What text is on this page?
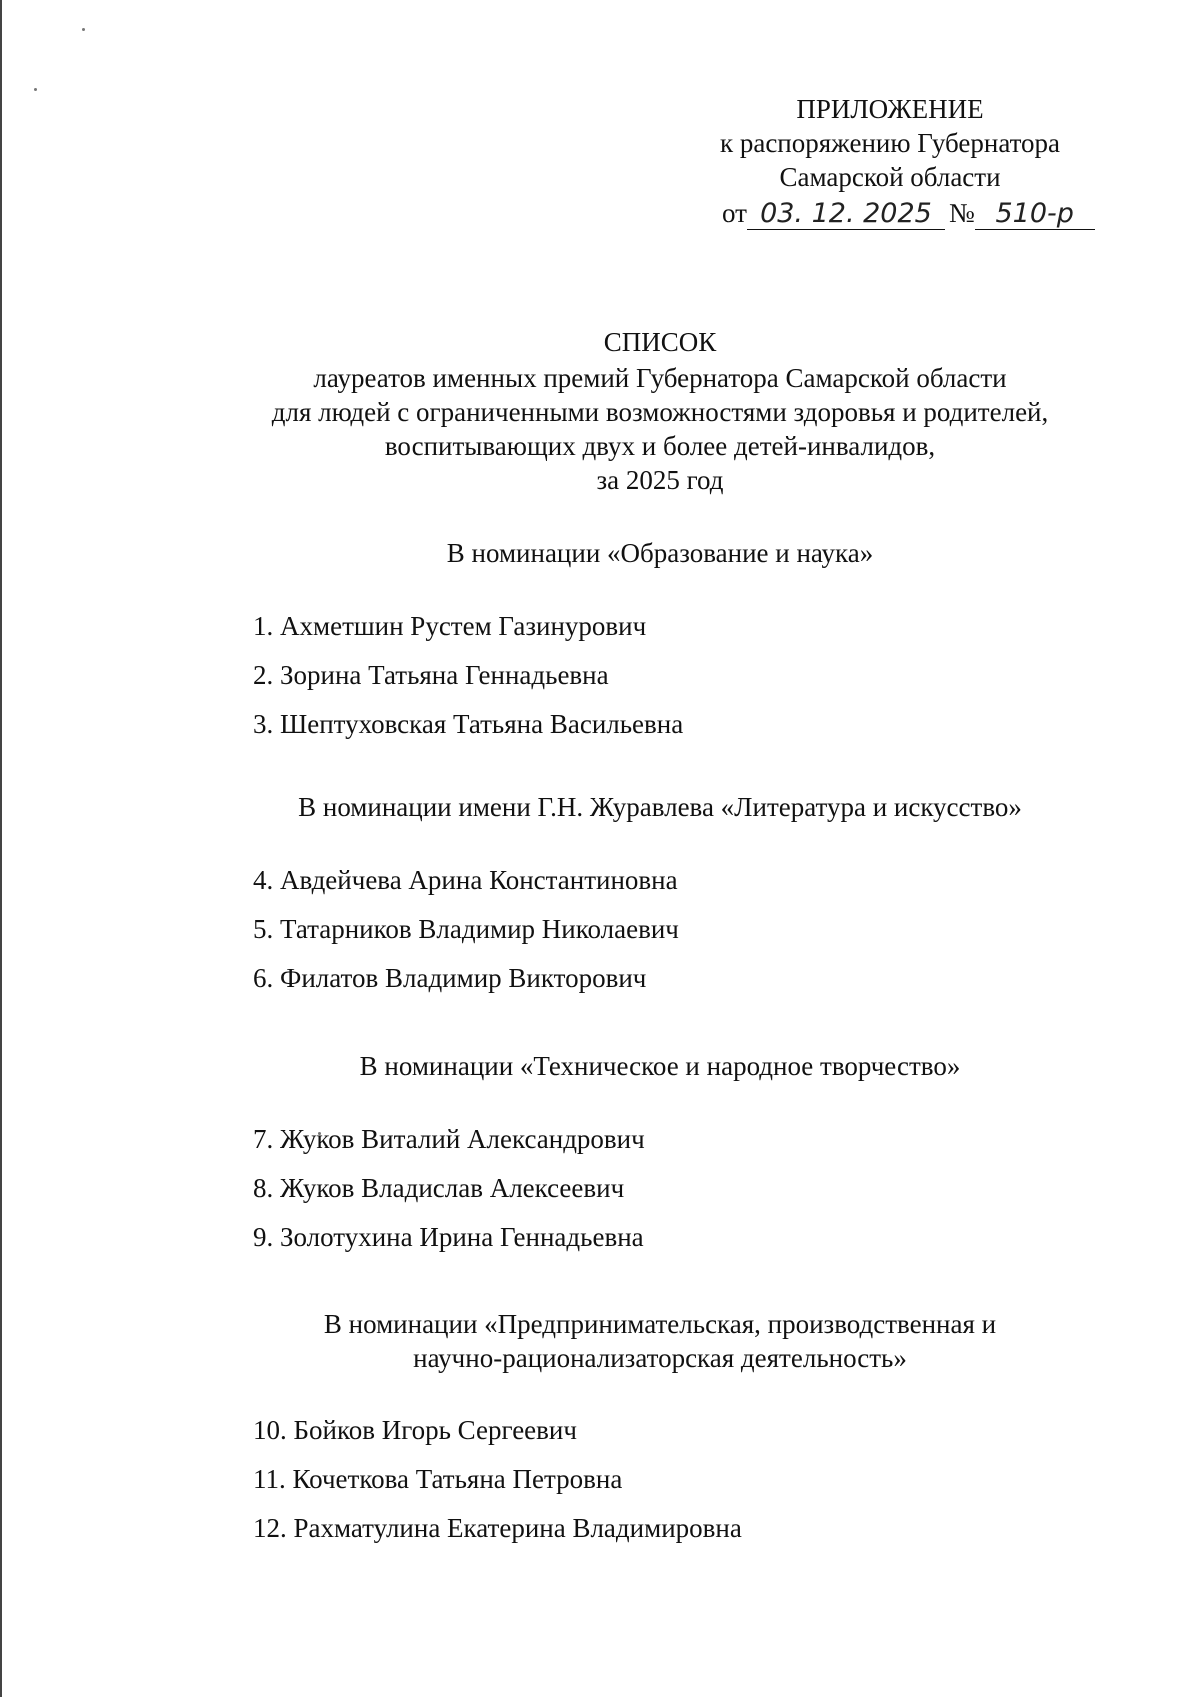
ПРИЛОЖЕНИЕ
к распоряжению Губернатора
Самарской области
от 03. 12. 2025 № 510-р
СПИСОК
лауреатов именных премий Губернатора Самарской области
для людей с ограниченными возможностями здоровья и родителей,
воспитывающих двух и более детей-инвалидов,
за 2025 год
В номинации «Образование и наука»
1. Ахметшин Рустем Газинурович
2. Зорина Татьяна Геннадьевна
3. Шептуховская Татьяна Васильевна
В номинации имени Г.Н. Журавлева «Литература и искусство»
4. Авдейчева Арина Константиновна
5. Татарников Владимир Николаевич
6. Филатов Владимир Викторович
В номинации «Техническое и народное творчество»
7. Жуков Виталий Александрович
8. Жуков Владислав Алексеевич
9. Золотухина Ирина Геннадьевна
В номинации «Предпринимательская, производственная и
научно-рационализаторская деятельность»
10. Бойков Игорь Сергеевич
11. Кочеткова Татьяна Петровна
12. Рахматулина Екатерина Владимировна
